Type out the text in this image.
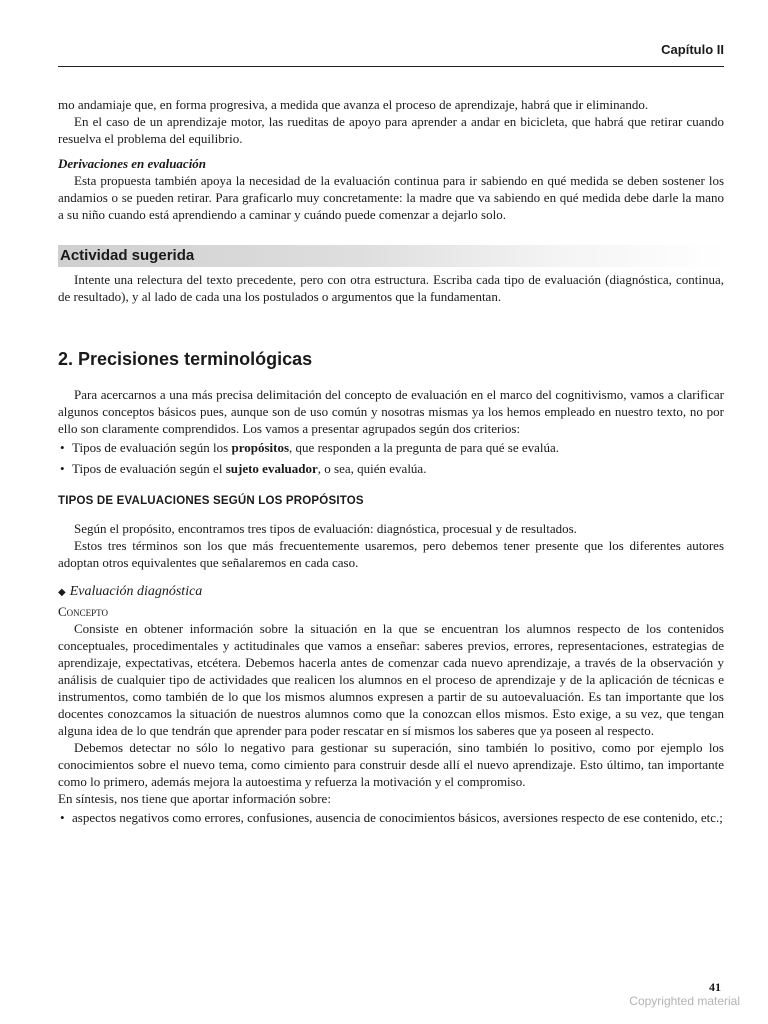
Capítulo II

mo andamiaje que, en forma progresiva, a medida que avanza el proceso de aprendizaje, habrá que ir eliminando.

En el caso de un aprendizaje motor, las rueditas de apoyo para aprender a andar en bicicleta, que habrá que retirar cuando resuelva el problema del equilibrio.

Derivaciones en evaluación

Esta propuesta también apoya la necesidad de la evaluación continua para ir sabiendo en qué medida se deben sostener los andamios o se pueden retirar. Para graficarlo muy concretamente: la madre que va sabiendo en qué medida debe darle la mano a su niño cuando está aprendiendo a caminar y cuándo puede comenzar a dejarlo solo.

Actividad sugerida

Intente una relectura del texto precedente, pero con otra estructura. Escriba cada tipo de evaluación (diagnóstica, continua, de resultado), y al lado de cada una los postulados o argumentos que la fundamentan.

2. Precisiones terminológicas

Para acercarnos a una más precisa delimitación del concepto de evaluación en el marco del cognitivismo, vamos a clarificar algunos conceptos básicos pues, aunque son de uso común y nosotras mismas ya los hemos empleado en nuestro texto, no por ello son claramente comprendidos. Los vamos a presentar agrupados según dos criterios:

• Tipos de evaluación según los propósitos, que responden a la pregunta de para qué se evalúa.
• Tipos de evaluación según el sujeto evaluador, o sea, quién evalúa.
TIPOS DE EVALUACIONES SEGÚN LOS PROPÓSITOS

Según el propósito, encontramos tres tipos de evaluación: diagnóstica, procesual y de resultados.

Estos tres términos son los que más frecuentemente usaremos, pero debemos tener presente que los diferentes autores adoptan otros equivalentes que señalaremos en cada caso.

◆ Evaluación diagnóstica
Concepto

Consiste en obtener información sobre la situación en la que se encuentran los alumnos respecto de los contenidos conceptuales, procedimentales y actitudinales que vamos a enseñar: saberes previos, errores, representaciones, estrategias de aprendizaje, expectativas, etcétera. Debemos hacerla antes de comenzar cada nuevo aprendizaje, a través de la observación y análisis de cualquier tipo de actividades que realicen los alumnos en el proceso de aprendizaje y de la aplicación de técnicas e instrumentos, como también de lo que los mismos alumnos expresen a partir de su autoevaluación. Es tan importante que los docentes conozcamos la situación de nuestros alumnos como que la conozcan ellos mismos. Esto exige, a su vez, que tengan alguna idea de lo que tendrán que aprender para poder rescatar en sí mismos los saberes que ya poseen al respecto.

Debemos detectar no sólo lo negativo para gestionar su superación, sino también lo positivo, como por ejemplo los conocimientos sobre el nuevo tema, como cimiento para construir desde allí el nuevo aprendizaje. Esto último, tan importante como lo primero, además mejora la autoestima y refuerza la motivación y el compromiso.

En síntesis, nos tiene que aportar información sobre:

• aspectos negativos como errores, confusiones, ausencia de conocimientos básicos, aversiones respecto de ese contenido, etc.;
41
Copyrighted material
